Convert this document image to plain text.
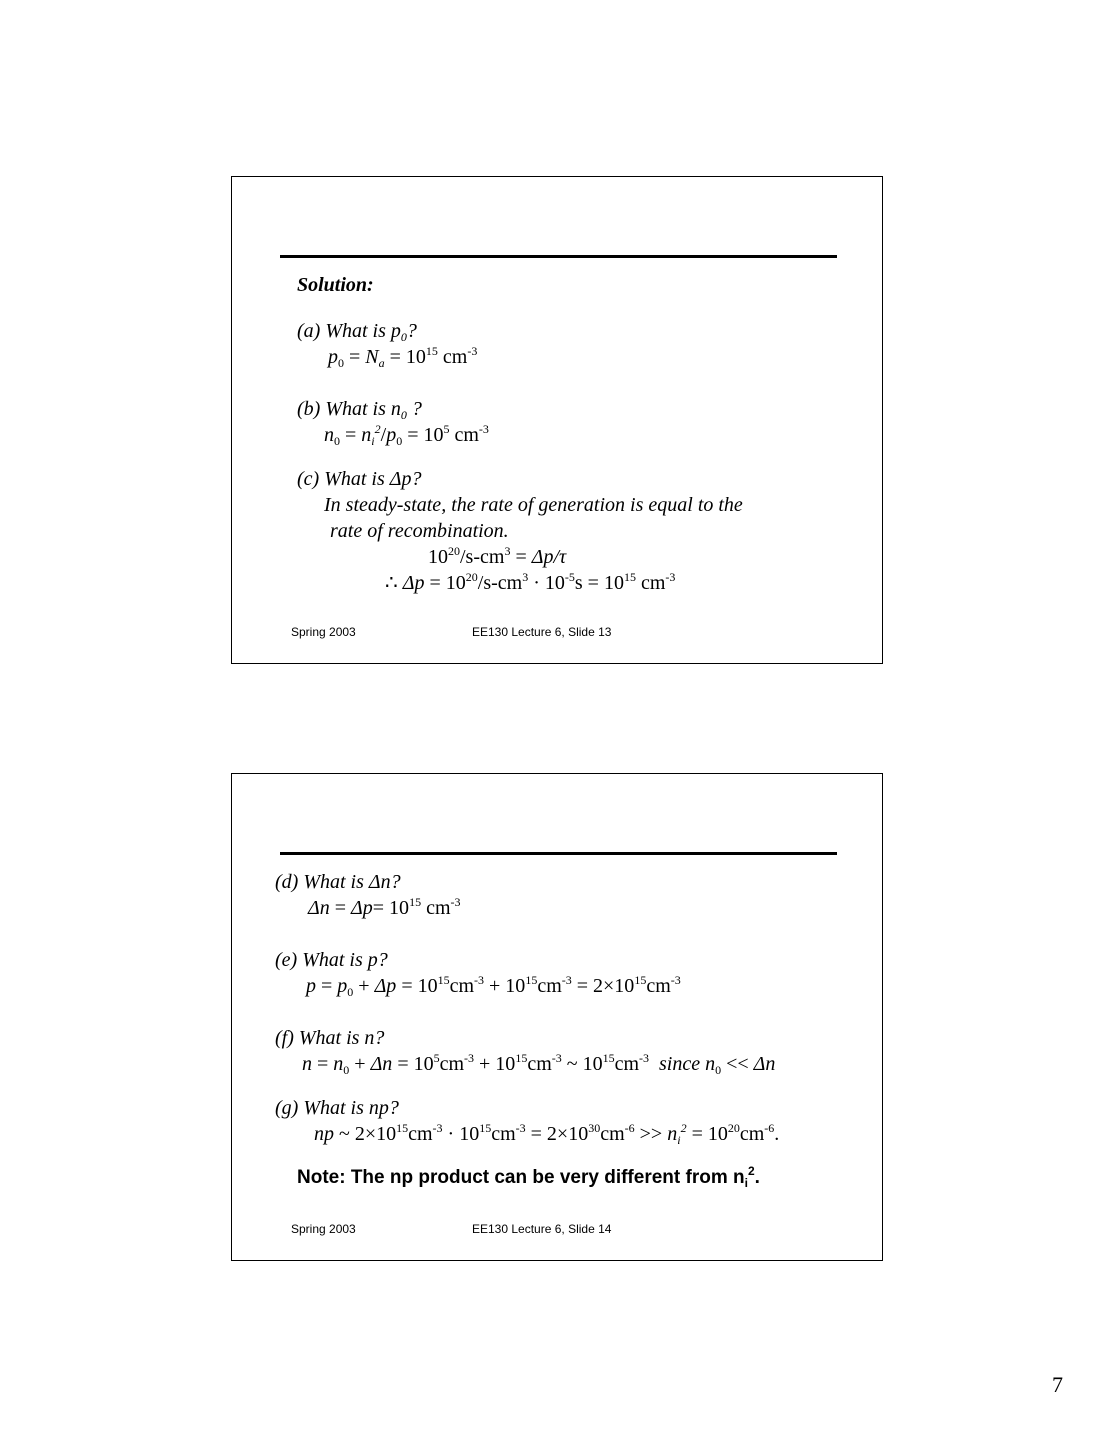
Solution:
(a) What is $p_0$?
$p_0 = N_a = 10^{15}$ $cm^{-3}$
(b) What is $n_0$ ?
$n_0 = n_i^2/p_0 = 10^5$ $cm^{-3}$
(c) What is Δp?
In steady-state, the rate of generation is equal to the
rate of recombination.
$10^{20}/s-cm^3 = \Delta p/\tau$
∴ $\Delta p = 10^{20}/s-cm^3 \cdot 10^{-5}s = 10^{15}$ $cm^{-3}$
Spring 2003	EE130 Lecture 6, Slide 13
(d) What is Δn?
$\Delta n = \Delta p= 10^{15}$ $cm^{-3}$
(e) What is p?
$p = p_0 + \Delta p = 10^{15}cm^{-3} + 10^{15}cm^{-3} = 2\times 10^{15}cm^{-3}$
(f) What is n?
$n = n_0 + \Delta n = 10^5cm^{-3} + 10^{15}cm^{-3}$ ~ $10^{15}cm^{-3}$ since $n_0 << \Delta n$
(g) What is np?
np ~ $2\times 10^{15}cm^{-3} \cdot 10^{15}cm^{-3} = 2\times 10^{30}cm^{-6} >> n_i^2 = 10^{20}cm^{-6}$.
Note: The np product can be very different from $n_i^2$.
Spring 2003	EE130 Lecture 6, Slide 14
7
